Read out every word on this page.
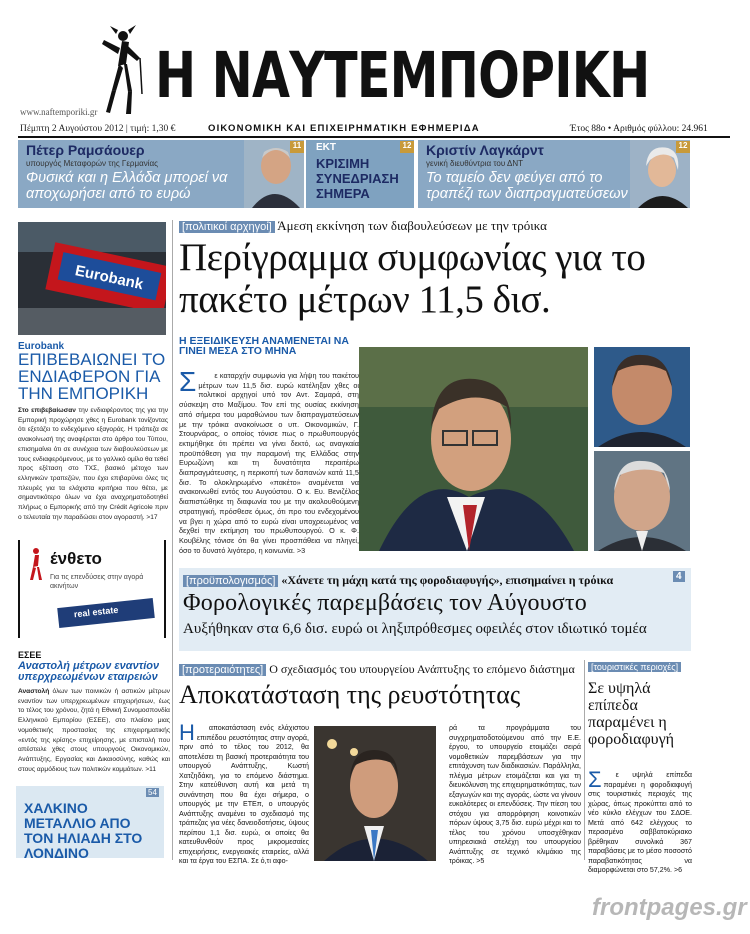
Η ΝΑΥΤΕΜΠΟΡΙΚΗ
www.naftemporiki.gr
Πέμπτη 2 Αυγούστου 2012 | τιμή: 1,30 €	ΟΙΚΟΝΟΜΙΚΗ ΚΑΙ ΕΠΙΧΕΙΡΗΜΑΤΙΚΗ ΕΦΗΜΕΡΙΔΑ	Έτος 88ο • Αριθμός φύλλου: 24.961
Πέτερ Ραμσάουερ
υπουργός Μεταφορών της Γερμανίας
Φυσικά και η Ελλάδα μπορεί να αποχωρήσει από το ευρώ
11 ΕΚΤ
ΚΡΙΣΙΜΗ ΣΥΝΕΔΡΙΑΣΗ ΣΗΜΕΡΑ
12 Κριστίν Λαγκάρντ
γενική διευθύντρια του ΔΝΤ
Το ταμείο δεν φεύγει από το τραπέζι των διαπραγματεύσεων
12
Eurobank
Eurobank
ΕΠΙΒΕΒΑΙΩΝΕΙ ΤΟ ΕΝΔΙΑΦΕΡΟΝ ΓΙΑ ΤΗΝ ΕΜΠΟΡΙΚΗ
Στο επιβεβαίωσαν την ενδιαφέροντος της για την Εμπορική προχώρησε χθες η Eurobank τονίζοντας ότι εξετάζει το ενδεχόμενο εξαγοράς. Η τράπεζα σε ανακοίνωσή της αναφέρεται στο άρθρο του Τύπου, επισημαίνει ότι σε συνέχεια των διαβουλεύσεων με τους ενδιαφερόμενους, με το γαλλικό ομίλο θα τεθεί προς εξέταση στο ΤΧΣ, βασικό μέτοχο των ελληνικών τραπεζών, που έχει επιβαρύνει όλες τις πλευρές για τα ελάχιστα κριτήρια που θέτει, με σημαντικότερο όλων να έχει αναχρηματοδοτηθεί πλήρως ο Εμπορικής από την Crédit Agricole πριν ο τελευταία την παραδώσει στον αγοραστή. >17
ένθετο
Για τις επενδύσεις στην αγορά ακινήτων
real estate
ΕΣΕΕ
Αναστολή μέτρων εναντίον υπερχρεωμένων εταιρειών
Αναστολή όλων των ποινικών ή αστικών μέτρων εναντίον των υπερχρεωμένων επιχειρήσεων, έως το τέλος του χρόνου, ζητά η Εθνική Συνομοσπονδία Ελληνικού Εμπορίου (ΕΣΕΕ), στο πλαίσιο μιας νομοθετικής προστασίας της επιχειρηματικής «εντός της κρίσης» επιχείρησης, με επιστολή που απέστειλε χθες στους υπουργούς Οικονομικών, Ανάπτυξης, Εργασίας και Δικαιοσύνης, καθώς και στους αρμόδιους των πολιτικών κομμάτων. >11
54
ΧΑΛΚΙΝΟ ΜΕΤΑΛΛΙΟ ΑΠΟ ΤΟΝ ΗΛΙΑΔΗ ΣΤΟ ΛΟΝΔΙΝΟ
[πολιτικοί αρχηγοί] Άμεση εκκίνηση των διαβουλεύσεων με την τρόικα
Περίγραμμα συμφωνίας για το πακέτο μέτρων 11,5 δισ.
Η ΕΞΕΙΔΙΚΕΥΣΗ ΑΝΑΜΕΝΕΤΑΙ ΝΑ ΓΙΝΕΙ ΜΕΣΑ ΣΤΟ ΜΗΝΑ
Σ ε καταρχήν συμφωνία για λήψη του πακέτου μέτρων των 11,5 δισ. ευρώ κατέληξαν χθες οι πολιτικοί αρχηγοί υπό τον Αντ. Σαμαρά, στη σύσκεψη στο Μαξίμου. Τον επί της ουσίας εκκίνηση από σήμερα του μαραθώνιου των διαπραγματεύσεων με την τρόικα ανακοίνωσε ο υπ. Οικονομικών, Γ. Στουρνάρας, ο οποίος τόνισε πως ο πρωθυπουργός εκτιμήθηκε ότι πρέπει να γίνει δεκτό, ως αναγκαία προϋπόθεση για την παραμονή της Ελλάδας στην Ευρωζώνη και τη δυνατότητα περαιτέρω διαπραγμάτευσης, η περικοπή των δαπανών κατά 11,5 δισ. Το ολοκληρωμένο «πακέτο» αναμένεται να ανακοινωθεί εντός του Αυγούστου. Ο κ. Ευ. Βενιζέλος διαπιστώθηκε τη διαφωνία του με την ακολουθούμενη στρατηγική, πρόσθεσε όμως, ότι προ του ενδεχομένου να βγει η χώρα από το ευρώ είναι υποχρεωμένος να δεχθεί την εκτίμηση του πρωθυπουργού. Ο κ. Φ. Κουβέλης τόνισε ότι θα γίνει προσπάθεια να πληγεί, όσο το δυνατό λιγότερο, η κοινωνία. >3
[προϋπολογισμός] «Χάνετε τη μάχη κατά της φοροδιαφυγής», επισημαίνει η τρόικα	4
Φορολογικές παρεμβάσεις τον Αύγουστο
Αυξήθηκαν στα 6,6 δισ. ευρώ οι ληξιπρόθεσμες οφειλές στον ιδιωτικό τομέα
[προτεραιότητες] Ο σχεδιασμός του υπουργείου Ανάπτυξης το επόμενο διάστημα
Αποκατάσταση της ρευστότητας
Η αποκατάσταση ενός ελάχιστου επιπέδου ρευστότητας στην αγορά, πριν από το τέλος του 2012, θα αποτελέσει τη βασική προτεραιότητα του υπουργού Ανάπτυξης, Κωστή Χατζηδάκη, για το επόμενο διάστημα. Στην κατεύθυνση αυτή και μετά τη συνάντηση που θα έχει σήμερα, ο υπουργός με την ΕΤΕπ, ο υπουργός Ανάπτυξης αναμένει το σχεδιασμό της τράπεζας για νέες δανειοδοτήσεις, ύψους περίπου 1,1 δισ. ευρώ, οι οποίες θα κατευθυνθούν προς μικρομεσαίες επιχειρήσεις, ενεργειακές εταιρείες, αλλά και τα έργα του ΕΣΠΑ. Σε ό,τι αφο-
ρά τα προγράμματα του συγχρηματοδοτούμενου από την Ε.Ε. έργου, το υπουργείο ετοιμάζει σειρά νομοθετικών παρεμβάσεων για την επιτάχυνση των διαδικασιών. Παράλληλα, πλέγμα μέτρων ετοιμάζεται και για τη διευκόλυνση της επιχειρηματικότητας, των εξαγωγών και της αγοράς, ώστε να γίνουν ευκολότερες οι επενδύσεις. Την πίεση του στόχου για απορρόφηση κοινοτικών πόρων ύψους 3,75 δισ. ευρώ μέχρι και το τέλος του χρόνου υποσχέθηκαν υπηρεσιακά στελέχη του υπουργείου Ανάπτυξης σε τεχνικό κλιμάκιο της τρόικας. >5
[τουριστικές περιοχές]
Σε υψηλά επίπεδα παραμένει η φοροδιαφυγή
Σ ε υψηλά επίπεδα παραμένει η φοροδιαφυγή στις τουριστικές περιοχές της χώρας, όπως προκύπτει από το νέο κύκλο ελέγχων του ΣΔΟΕ. Μετά από 642 ελέγχους το περασμένο σαββατοκύριακο βρέθηκαν συνολικά 367 παραβάσεις με το μέσο ποσοστό παραβατικότητας να διαμορφώνεται στο 57,2%. >6
frontpages.gr
